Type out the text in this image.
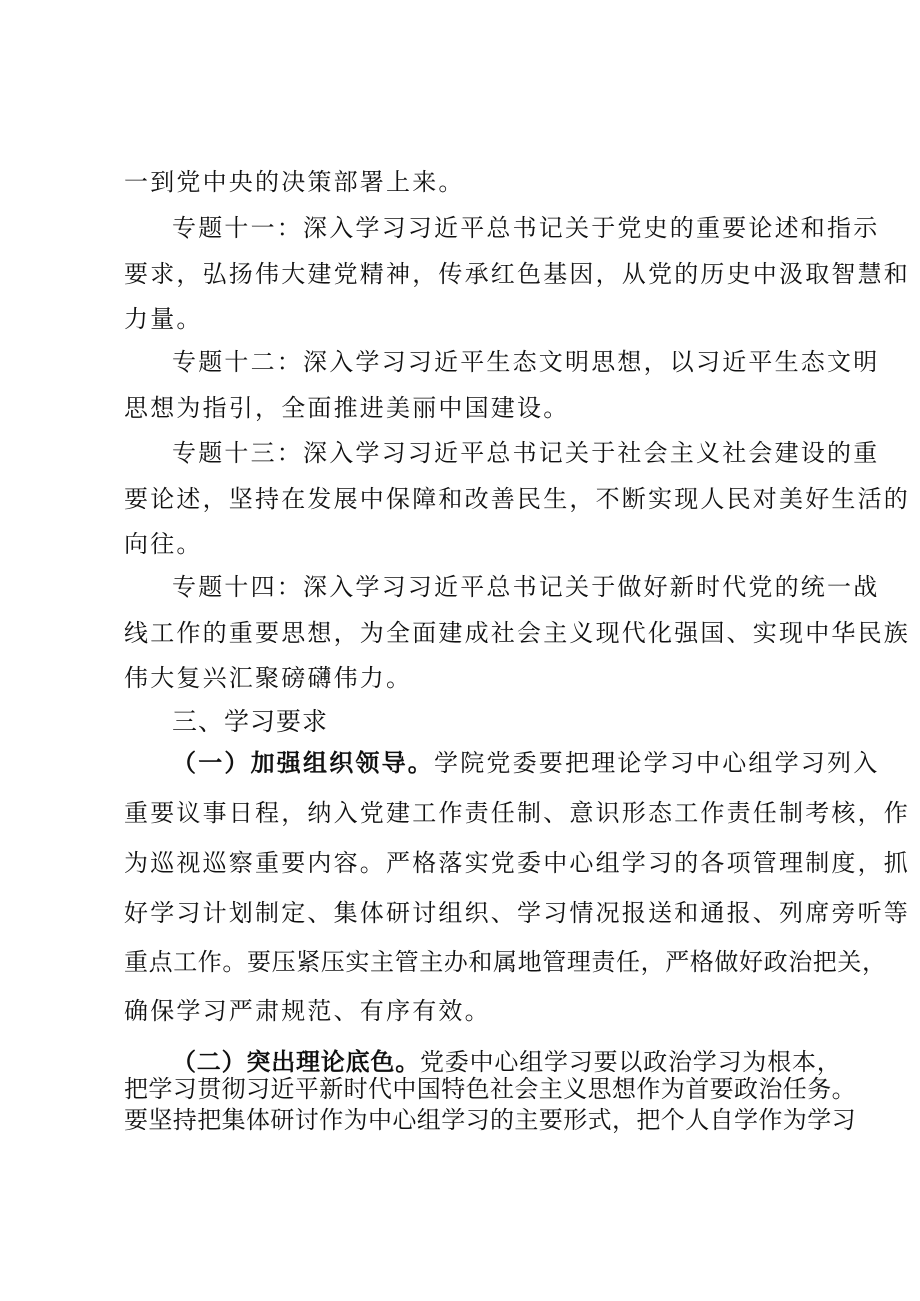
一到党中央的决策部署上来。
专题十一：深入学习习近平总书记关于党史的重要论述和指示
要求，弘扬伟大建党精神，传承红色基因，从党的历史中汲取智慧和
力量。
专题十二：深入学习习近平生态文明思想，以习近平生态文明
思想为指引，全面推进美丽中国建设。
专题十三：深入学习习近平总书记关于社会主义社会建设的重
要论述，坚持在发展中保障和改善民生，不断实现人民对美好生活的
向往。
专题十四：深入学习习近平总书记关于做好新时代党的统一战
线工作的重要思想，为全面建成社会主义现代化强国、实现中华民族
伟大复兴汇聚磅礴伟力。
三、学习要求
（一）加强组织领导。学院党委要把理论学习中心组学习列入
重要议事日程，纳入党建工作责任制、意识形态工作责任制考核，作
为巡视巡察重要内容。严格落实党委中心组学习的各项管理制度，抓
好学习计划制定、集体研讨组织、学习情况报送和通报、列席旁听等
重点工作。要压紧压实主管主办和属地管理责任，严格做好政治把关，
确保学习严肃规范、有序有效。
（二）突出理论底色。党委中心组学习要以政治学习为根本，
把学习贯彻习近平新时代中国特色社会主义思想作为首要政治任务。
要坚持把集体研讨作为中心组学习的主要形式，把个人自学作为学习
